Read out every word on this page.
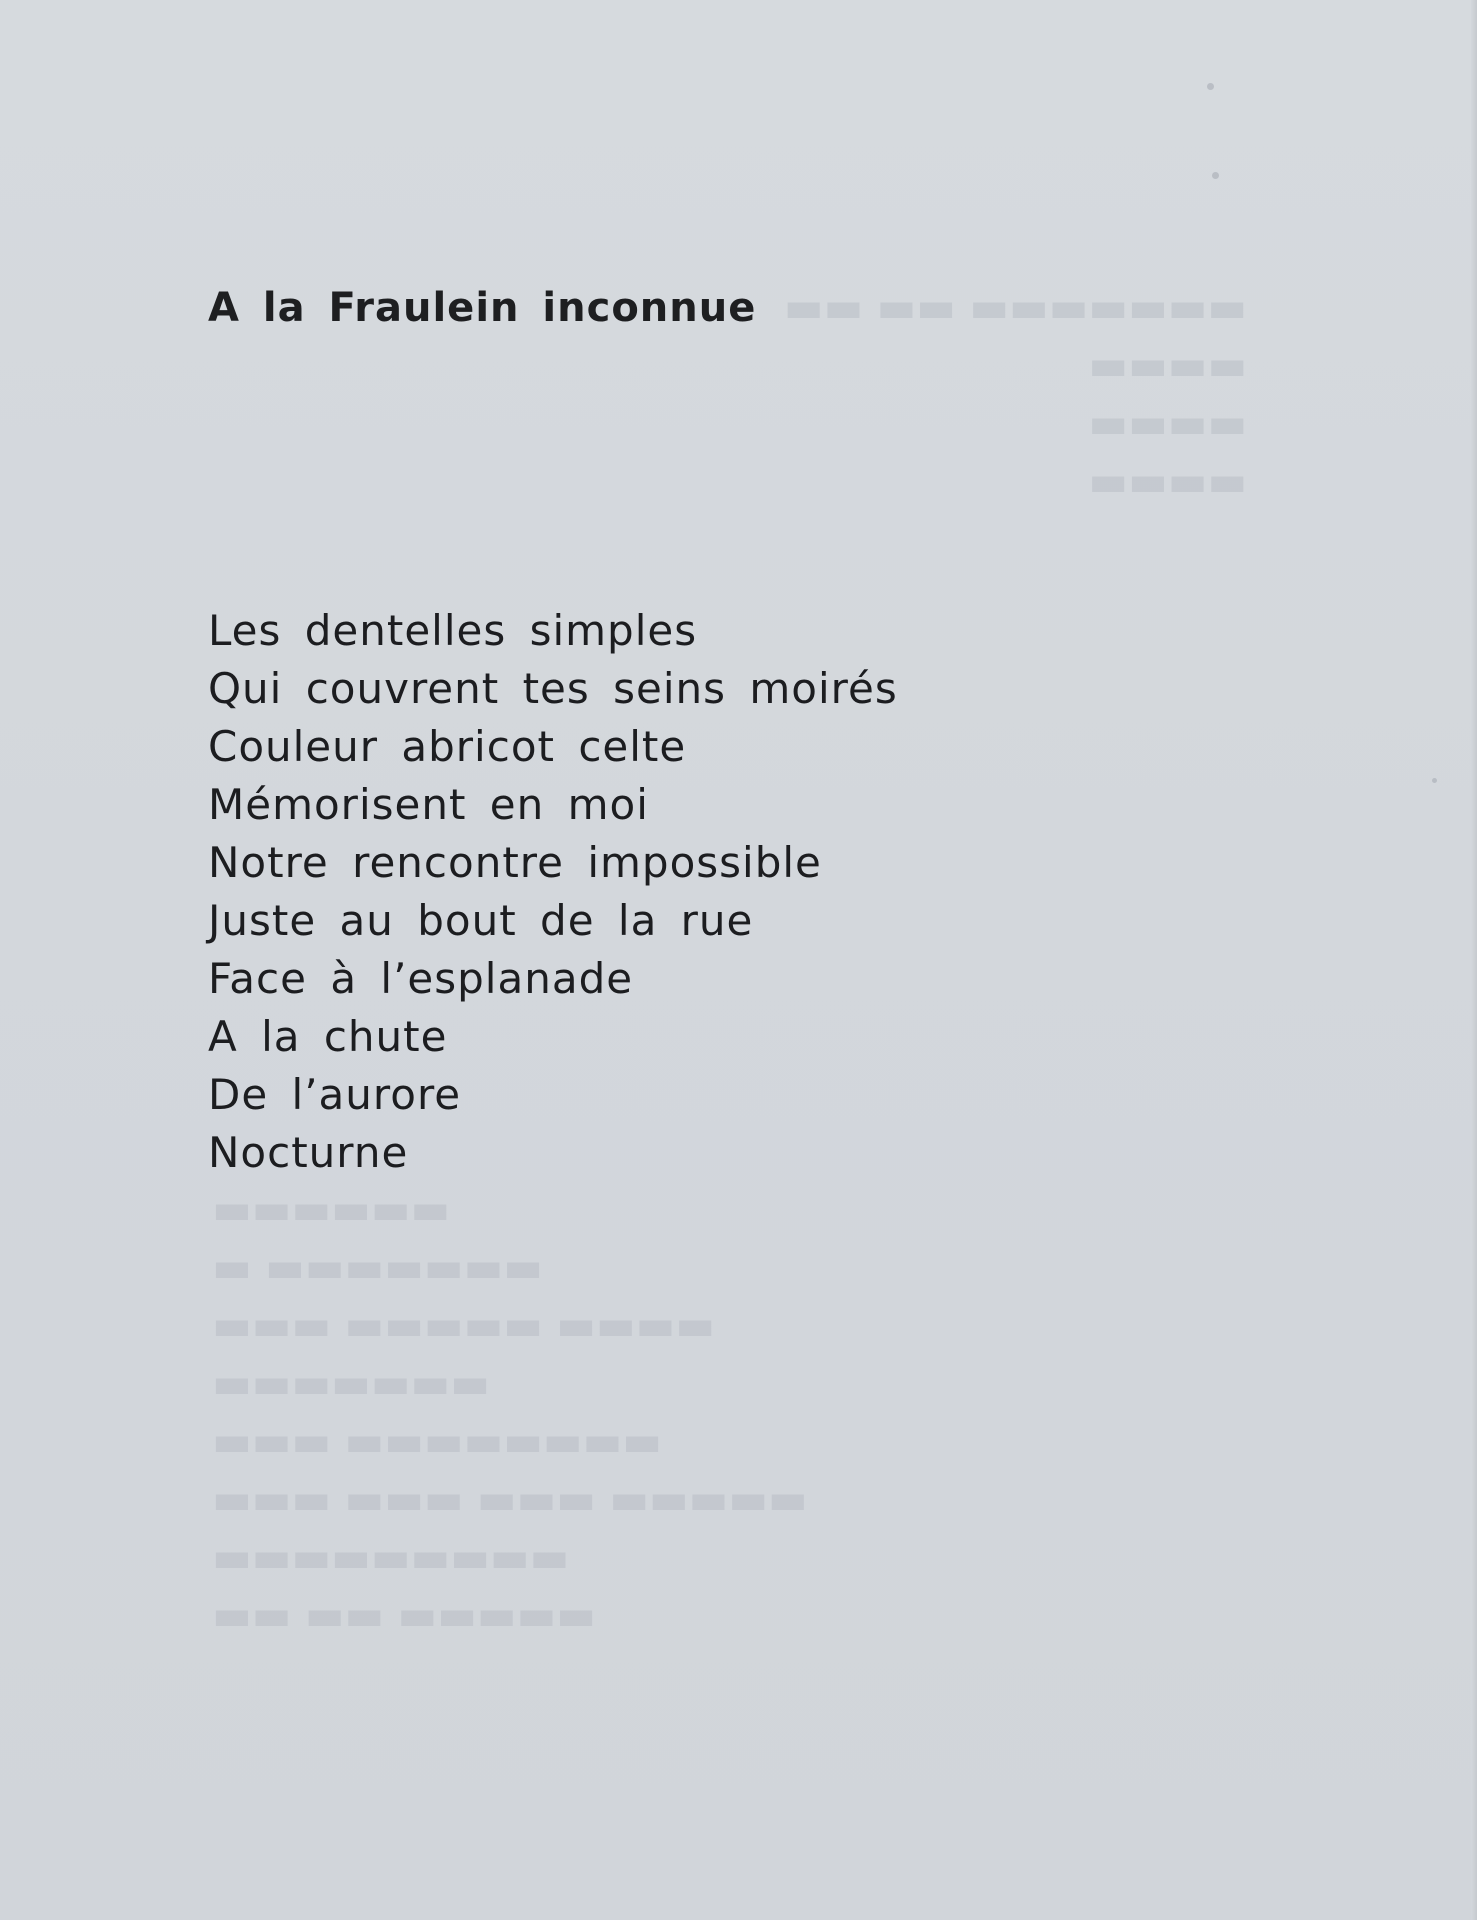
▬▬ ▬▬ ▬▬▬▬▬▬▬
▬▬▬▬
▬▬▬▬
▬▬▬▬
▬▬▬▬▬▬
▬ ▬▬▬▬▬▬▬
▬▬▬ ▬▬▬▬▬ ▬▬▬▬
▬▬▬▬▬▬▬
▬▬▬ ▬▬▬▬▬▬▬▬
▬▬▬ ▬▬▬ ▬▬▬ ▬▬▬▬▬
▬▬▬▬▬▬▬▬▬
▬▬ ▬▬ ▬▬▬▬▬
A la Fraulein inconnue
Les dentelles simples
Qui couvrent tes seins moirés
Couleur abricot celte
Mémorisent en moi
Notre rencontre impossible
Juste au bout de la rue
Face à l’esplanade
A la chute
De l’aurore
Nocturne
